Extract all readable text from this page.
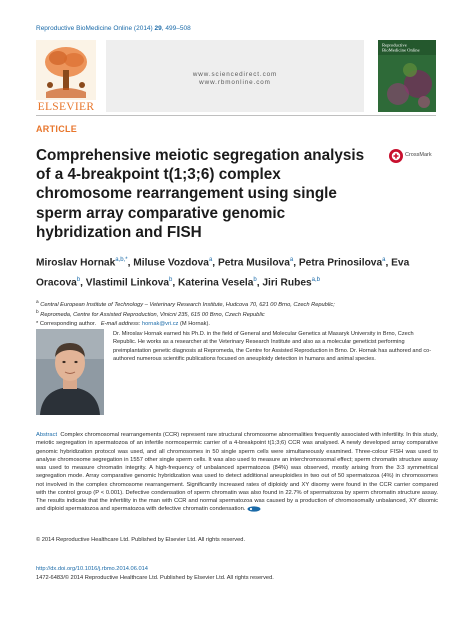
Reproductive BioMedicine Online (2014) 29, 499–508
ELSEVIER
www.sciencedirect.com
www.rbmonline.com
Reproductive
BioMedicine Online
ARTICLE
Comprehensive meiotic segregation analysis of a 4-breakpoint t(1;3;6) complex chromosome rearrangement using single sperm array comparative genomic hybridization and FISH
CrossMark
Miroslav Hornak$^{a,b,*}$, Miluse Vozdova$^a$, Petra Musilova$^a$, Petra Prinosilova$^a$, Eva Oracova$^b$, Vlastimil Linkova$^b$, Katerina Vesela$^b$, Jiri Rubes$^{a,b}$
$^a$ Central European Institute of Technology – Veterinary Research Institute, Hudcova 70, 621 00 Brno, Czech Republic;
$^b$ Repromeda, Centre for Assisted Reproduction, Vinicni 235, 615 00 Brno, Czech Republic
* Corresponding author. E-mail address: hornak@vri.cz (M Hornak).
Dr. Miroslav Hornak earned his Ph.D. in the field of General and Molecular Genetics at Masaryk University in Brno, Czech Republic. He works as a researcher at the Veterinary Research Institute and also as a molecular geneticist performing preimplantation genetic diagnosis at Repromeda, the Centre for Assisted Reproduction in Brno. Dr. Hornak has authored and co-authored numerous scientific publications focused on aneuploidy detection in humans and animal species.
Abstract Complex chromosomal rearrangements (CCR) represent rare structural chromosome abnormalities frequently associated with infertility. In this study, meiotic segregation in spermatozoa of an infertile normospermic carrier of a 4-breakpoint t(1;3;6) CCR was analysed. A newly developed array comparative genomic hybridization protocol was used, and all chromosomes in 50 single sperm cells were simultaneously examined. Three-colour FISH was used to analyse chromosome segregation in 1557 other single sperm cells. It was also used to measure an interchromosomal effect; sperm chromatin structure assay was used to measure chromatin integrity. A high-frequency of unbalanced spermatozoa (84%) was observed, mostly arising from the 3:3 symmetrical segregation mode. Array comparative genomic hybridization was used to detect additional aneuploidies in two out of 50 spermatozoa (4%) in chromosomes not involved in the complex chromosome rearrangement. Significantly increased rates of diploidy and XY disomy were found in the CCR carrier compared with the control group (P < 0.001). Defective condensation of sperm chromatin was also found in 22.7% of spermatozoa by sperm chromatin structure assay. The results indicate that the infertility in the man with CCR and normal spermatozoa was caused by a production of chromosomally unbalanced, XY disomic and diploid spermatozoa and spermatozoa with defective chromatin condensation.
© 2014 Reproductive Healthcare Ltd. Published by Elsevier Ltd. All rights reserved.
http://dx.doi.org/10.1016/j.rbmo.2014.06.014
1472-6483/© 2014 Reproductive Healthcare Ltd. Published by Elsevier Ltd. All rights reserved.
